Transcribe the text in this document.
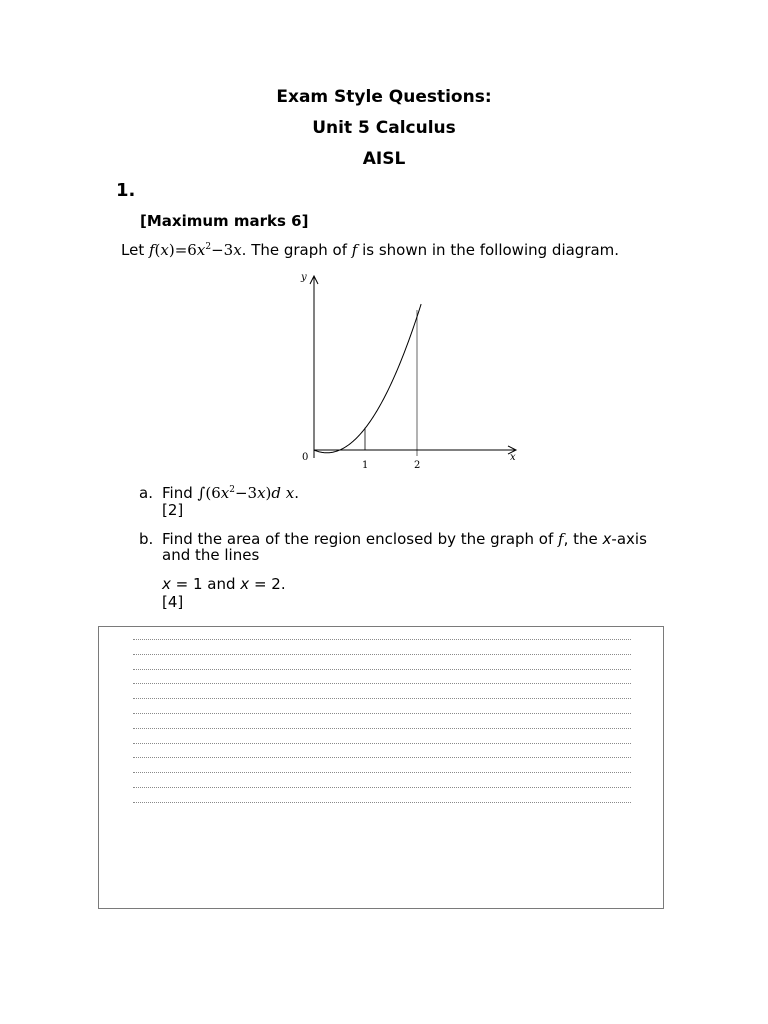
Exam Style Questions:
Unit 5 Calculus
AISL
1.
[Maximum marks 6]
Let $f(x)=6x^2-3x$. The graph of f is shown in the following diagram.
y
x
0
1	2
a. Find $\int(6x^2-3x)d$ x.
[2]
b. Find the area of the region enclosed by the graph of f, the x-axis
and the lines
x = 1 and x = 2.
[4]
